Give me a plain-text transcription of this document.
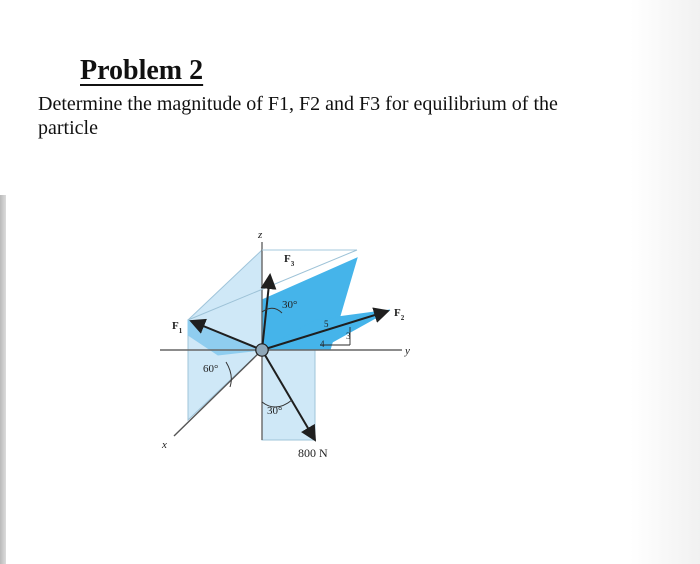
Problem 2
Determine the magnitude of F1, F2 and F3 for equilibrium of the particle
z
y
x
$F_3$
$F_2$
$F_1$
30°
60°
30°
5
3
4
800 N
